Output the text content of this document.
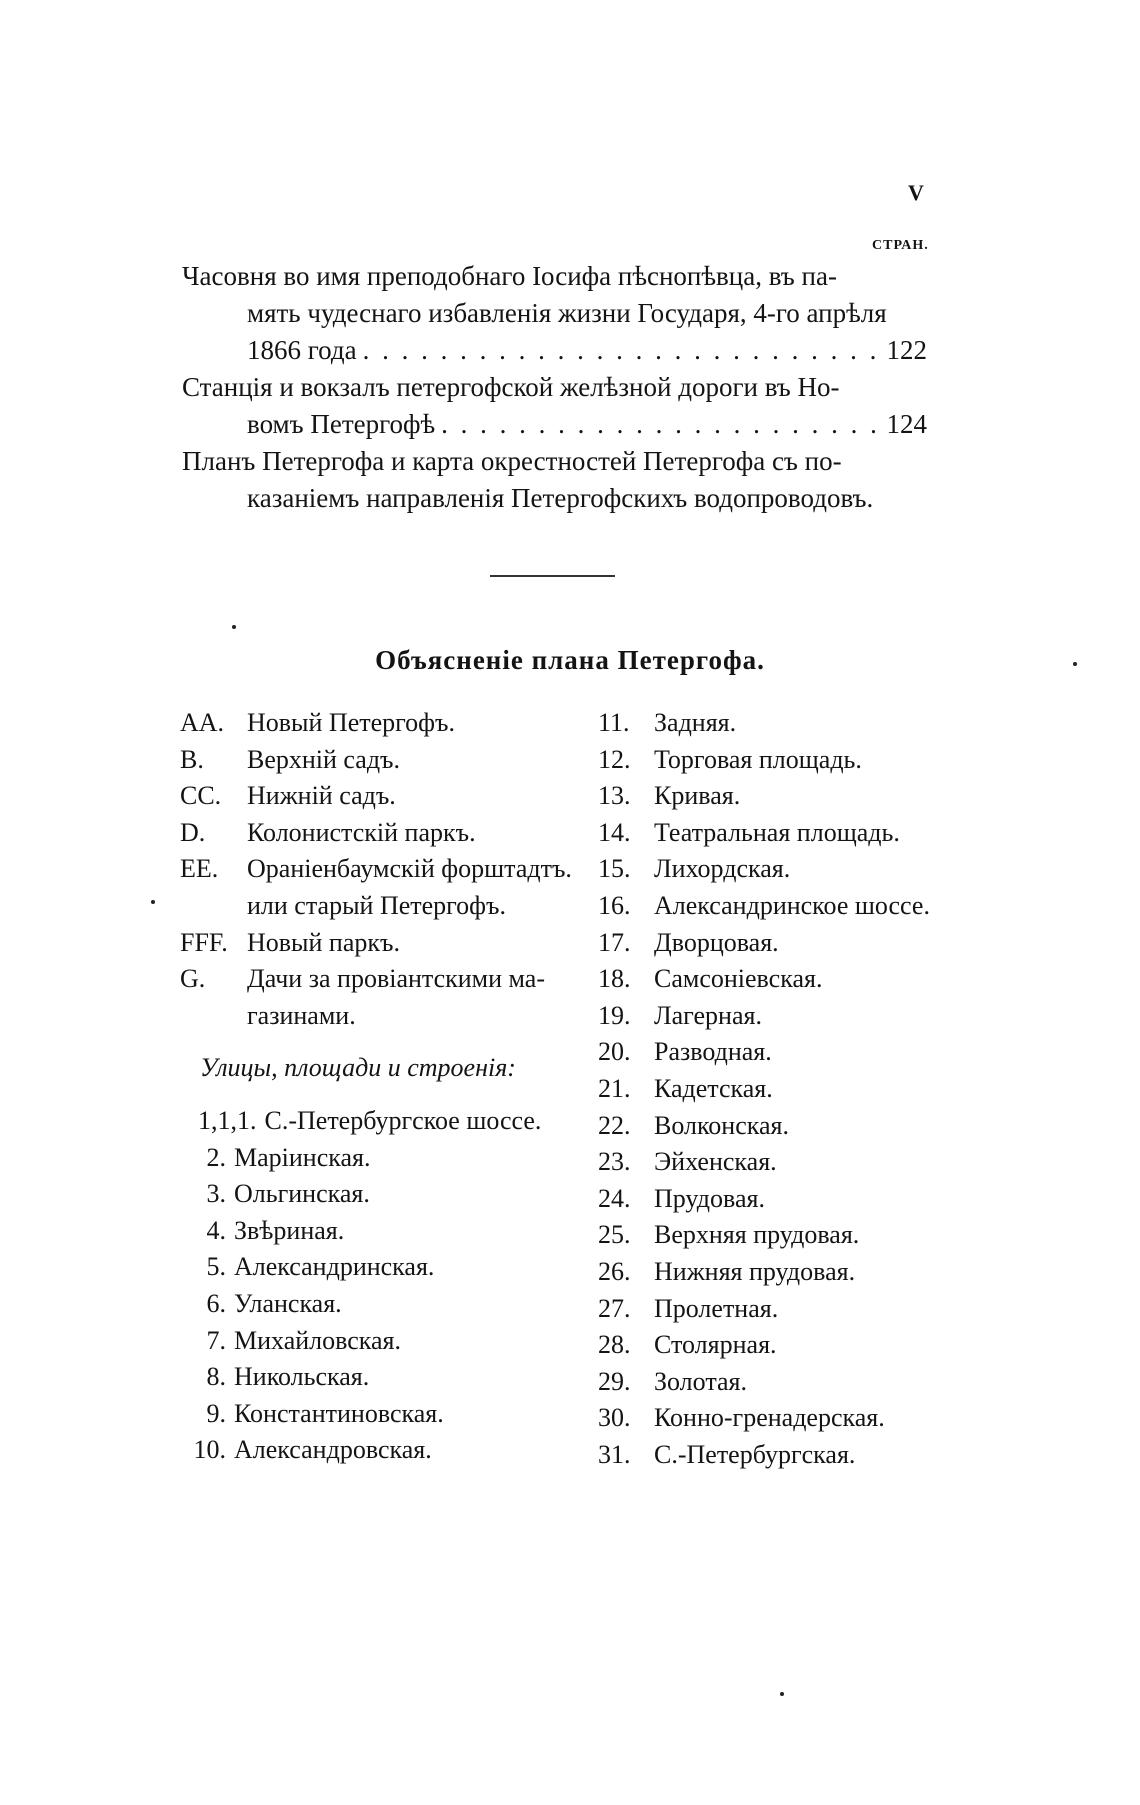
V
СТРАН.
Часовня во имя преподобнаго Іосифа пѣснопѣвца, въ па-
мять чудеснаго избавленія жизни Государя, 4-го апрѣля
1866 года . . .	122
Станція и вокзалъ петергофской желѣзной дороги въ Но-
вомъ Петергофѣ . . .	124
Планъ Петергофа и карта окрестностей Петергофа съ по-
казаніемъ направленія Петергофскихъ водопроводовъ.
Объясненіе плана Петергофа.
AA. Новый Петергофъ.
B.	Верхній садъ.
CC. Нижній садъ.
D.	Колонистскій паркъ.
EE.	Ораніенбаумскій форштадтъ.
или старый Петергофъ.
FFF. Новый паркъ.
G.	Дачи за провіантскими ма-
газинами.
Улицы, площади и строенія:
1,1,1. С.-Петербургское шоссе.
2. Маріинская.
3. Ольгинская.
4. Звѣриная.
5. Александринская.
6. Уланская.
7. Михайловская.
8. Никольская.
9. Константиновская.
10. Александровская.
11. Задняя.
12. Торговая площадь.
13. Кривая.
14. Театральная площадь.
15. Лихордская.
16. Александринское шоссе.
17. Дворцовая.
18. Самсоніевская.
19. Лагерная.
20. Разводная.
21. Кадетская.
22. Волконская.
23. Эйхенская.
24. Прудовая.
25. Верхняя прудовая.
26. Нижняя прудовая.
27. Пролетная.
28. Столярная.
29. Золотая.
30. Конно-гренадерская.
31. С.-Петербургская.
